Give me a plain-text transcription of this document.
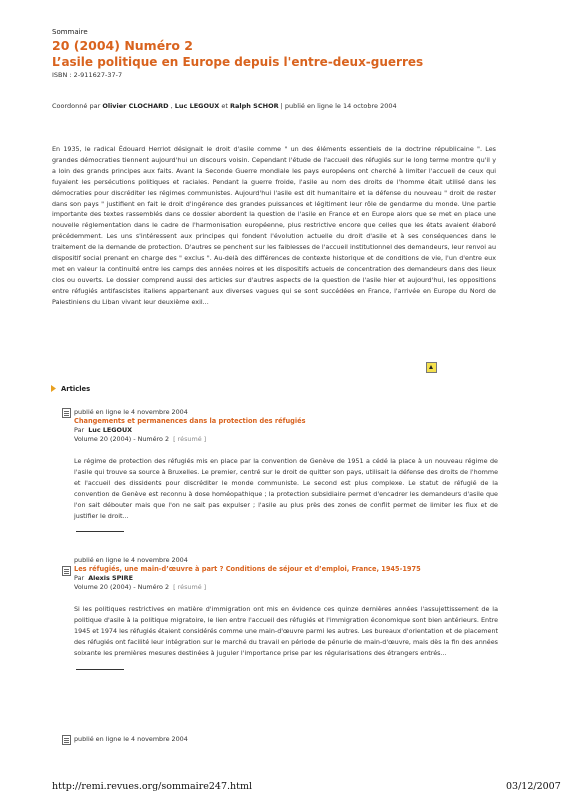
Sommaire
20 (2004) Numéro 2
L’asile politique en Europe depuis l'entre-deux-guerres
ISBN : 2-911627-37-7
Coordonné par Olivier CLOCHARD , Luc LEGOUX et Ralph SCHOR | publié en ligne le 14 octobre 2004
En 1935, le radical Édouard Herriot désignait le droit d'asile comme " un des éléments essentiels de la doctrine républicaine ". Les grandes démocraties tiennent aujourd'hui un discours voisin. Cependant l'étude de l'accueil des réfugiés sur le long terme montre qu'il y a loin des grands principes aux faits. Avant la Seconde Guerre mondiale les pays européens ont cherché à limiter l'accueil de ceux qui fuyaient les persécutions politiques et raciales. Pendant la guerre froide, l'asile au nom des droits de l'homme était utilisé dans les démocraties pour discréditer les régimes communistes. Aujourd'hui l'asile est dit humanitaire et la défense du nouveau " droit de rester dans son pays " justifient en fait le droit d'ingérence des grandes puissances et légitiment leur rôle de gendarme du monde. Une partie importante des textes rassemblés dans ce dossier abordent la question de l'asile en France et en Europe alors que se met en place une nouvelle réglementation dans le cadre de l'harmonisation européenne, plus restrictive encore que celles que les états avaient élaboré précédemment. Les uns s'intéressent aux principes qui fondent l'évolution actuelle du droit d'asile et à ses conséquences dans le traitement de la demande de protection. D'autres se penchent sur les faiblesses de l'accueil institutionnel des demandeurs, leur renvoi au dispositif social prenant en charge des " exclus ". Au-delà des différences de contexte historique et de conditions de vie, l'un d'entre eux met en valeur la continuité entre les camps des années noires et les dispositifs actuels de concentration des demandeurs dans des lieux clos ou ouverts. Le dossier comprend aussi des articles sur d'autres aspects de la question de l'asile hier et aujourd'hui, les oppositions entre réfugiés antifascistes italiens appartenant aux diverses vagues qui se sont succédées en France, l'arrivée en Europe du Nord de Palestiniens du Liban vivant leur deuxième exil...
Articles
publié en ligne le 4 novembre 2004
Changements et permanences dans la protection des réfugiés
Par Luc LEGOUX
Volume 20 (2004) - Numéro 2 [ résumé ]
Le régime de protection des réfugiés mis en place par la convention de Genève de 1951 a cédé la place à un nouveau régime de l'asile qui trouve sa source à Bruxelles. Le premier, centré sur le droit de quitter son pays, utilisait la défense des droits de l'homme et l'accueil des dissidents pour discréditer le monde communiste. Le second est plus complexe. Le statut de réfugié de la convention de Genève est reconnu à dose homéopathique ; la protection subsidiaire permet d'encadrer les demandeurs d'asile que l'on sait débouter mais que l'on ne sait pas expulser ; l'asile au plus près des zones de conflit permet de limiter les flux et de justifier le droit...
publié en ligne le 4 novembre 2004
Les réfugiés, une main-d’œuvre à part ? Conditions de séjour et d’emploi, France, 1945-1975
Par Alexis SPIRE
Volume 20 (2004) - Numéro 2 [ résumé ]
Si les politiques restrictives en matière d'immigration ont mis en évidence ces quinze dernières années l'assujettissement de la politique d'asile à la politique migratoire, le lien entre l'accueil des réfugiés et l'immigration économique sont bien antérieurs. Entre 1945 et 1974 les réfugiés étaient considérés comme une main-d'œuvre parmi les autres. Les bureaux d'orientation et de placement des réfugiés ont facilité leur intégration sur le marché du travail en période de pénurie de main-d'œuvre, mais dès la fin des années soixante les premières mesures destinées à juguler l'importance prise par les régularisations des étrangers entrés...
publié en ligne le 4 novembre 2004
http://remi.revues.org/sommaire247.html	03/12/2007
